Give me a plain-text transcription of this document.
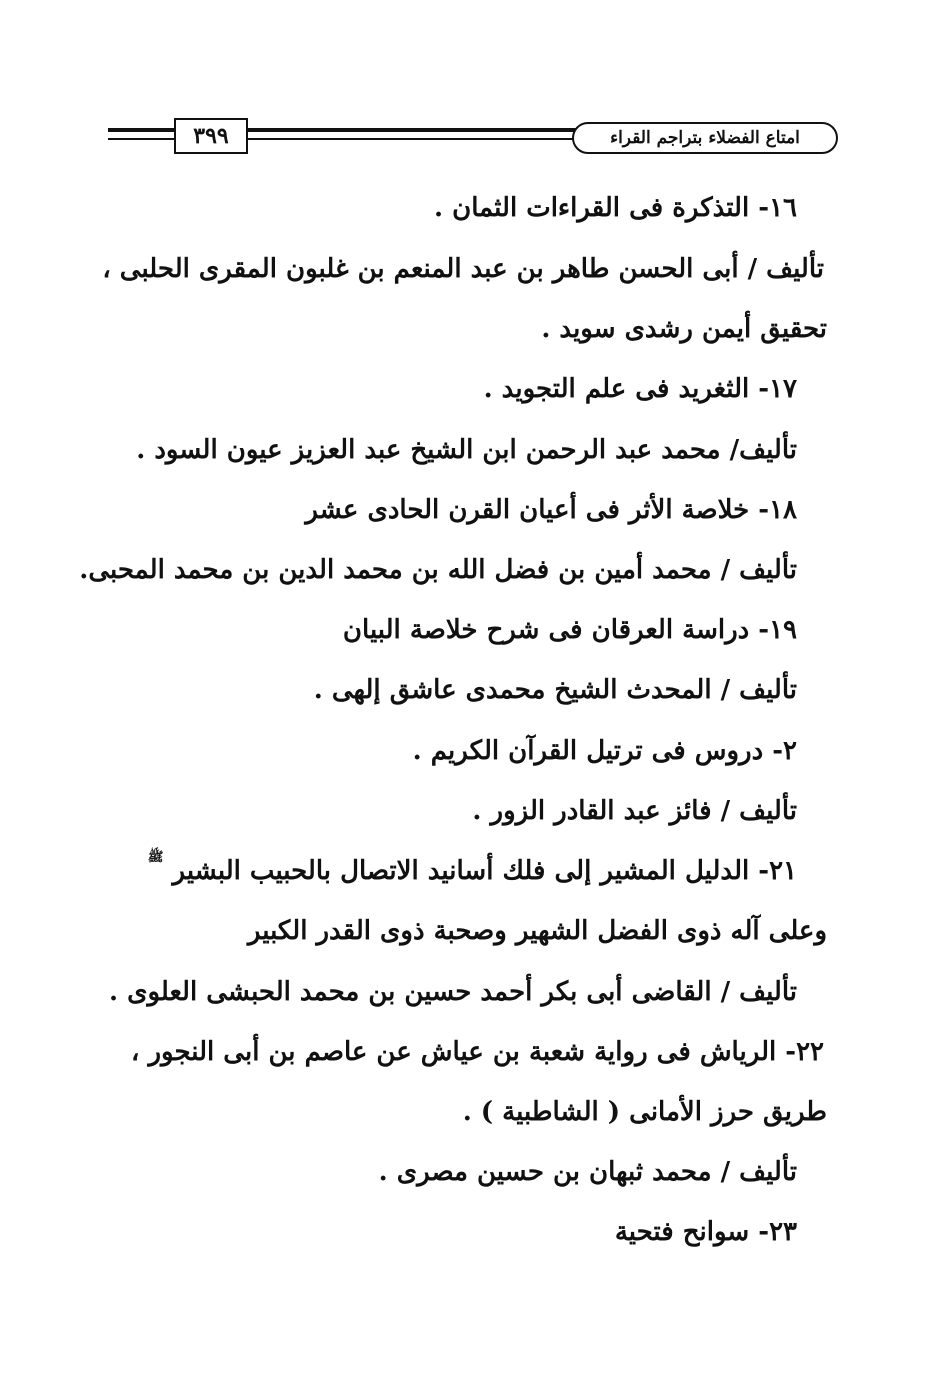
٣٩٩	امتاع الفضلاء بتراجم القراء
١٦- التذكرة فى القراءات الثمان .
تأليف / أبى الحسن طاهر بن عبد المنعم بن غلبون المقرى الحلبى ،
تحقيق أيمن رشدى سويد .
١٧- الثغريد فى علم التجويد .
تأليف/ محمد عبد الرحمن ابن الشيخ عبد العزيز عيون السود .
١٨- خلاصة الأثر فى أعيان القرن الحادى عشر
تأليف / محمد أمين بن فضل الله بن محمد الدين بن محمد المحبى.
١٩- دراسة العرقان فى شرح خلاصة البيان
تأليف / المحدث الشيخ محمدى عاشق إلهى .
٢- دروس فى ترتيل القرآن الكريم .
تأليف / فائز عبد القادر الزور .
٢١- الدليل المشير إلى فلك أسانيد الاتصال بالحبيب البشير ﷺ
وعلى آله ذوى الفضل الشهير وصحبة ذوى القدر الكبير
تأليف / القاضى أبى بكر أحمد حسين بن محمد الحبشى العلوى .
٢٢- الرياش فى رواية شعبة بن عياش عن عاصم بن أبى النجور ،
طريق حرز الأمانى ( الشاطبية ) .
تأليف / محمد ثبهان بن حسين مصرى .
٢٣- سوانح فتحية
